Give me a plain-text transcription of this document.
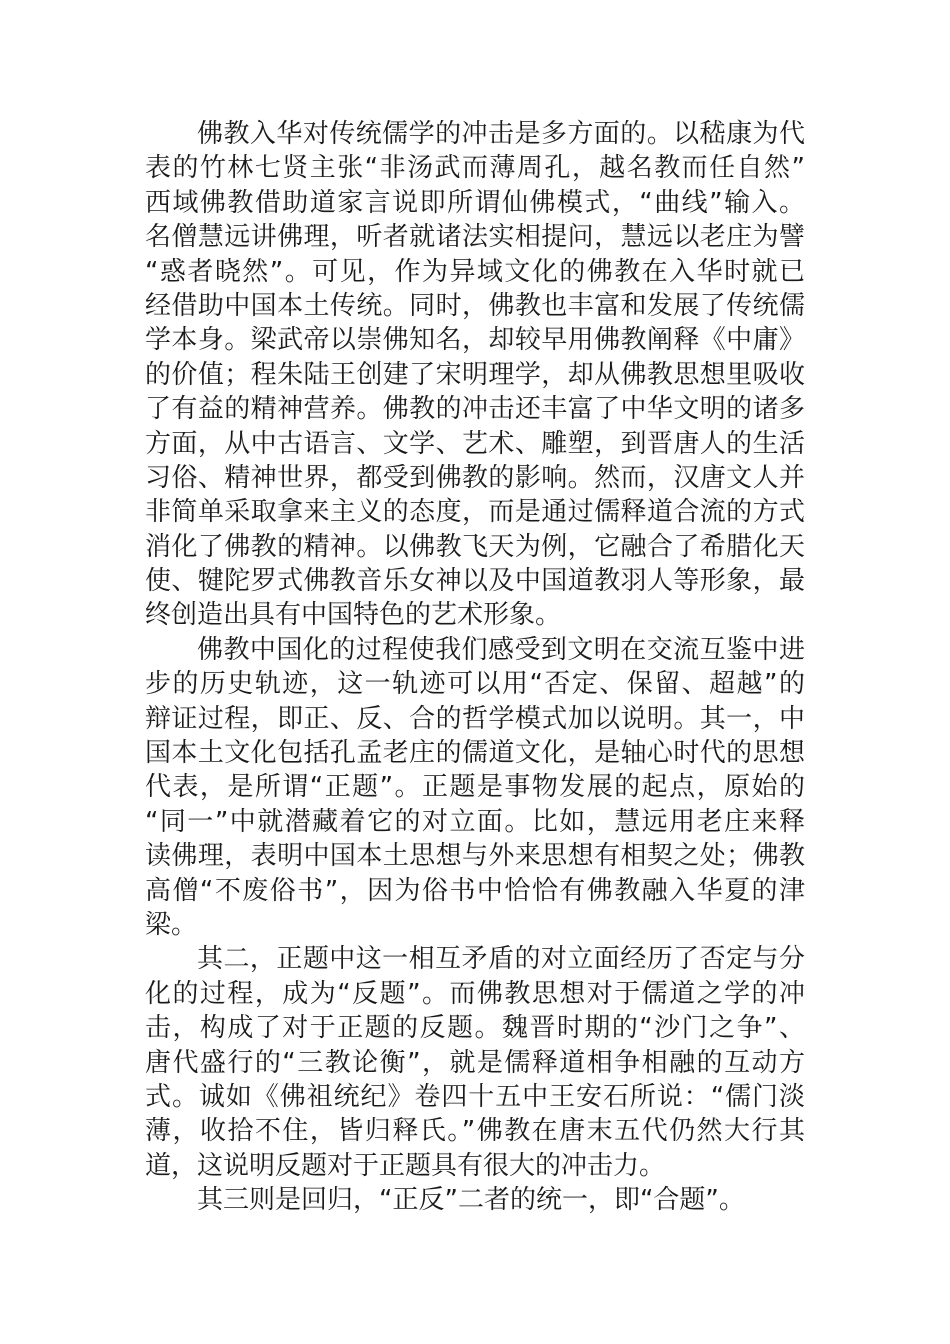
佛教入华对传统儒学的冲击是多方面的。以嵇康为代
表的竹林七贤主张“非汤武而薄周孔，越名教而任自然”
西域佛教借助道家言说即所谓仙佛模式，“曲线”输入。
名僧慧远讲佛理，听者就诸法实相提问，慧远以老庄为譬
“惑者晓然”。可见，作为异域文化的佛教在入华时就已
经借助中国本土传统。同时，佛教也丰富和发展了传统儒
学本身。梁武帝以崇佛知名，却较早用佛教阐释《中庸》
的价值；程朱陆王创建了宋明理学，却从佛教思想里吸收
了有益的精神营养。佛教的冲击还丰富了中华文明的诸多
方面，从中古语言、文学、艺术、雕塑，到晋唐人的生活
习俗、精神世界，都受到佛教的影响。然而，汉唐文人并
非简单采取拿来主义的态度，而是通过儒释道合流的方式
消化了佛教的精神。以佛教飞天为例，它融合了希腊化天
使、犍陀罗式佛教音乐女神以及中国道教羽人等形象，最
终创造出具有中国特色的艺术形象。
佛教中国化的过程使我们感受到文明在交流互鉴中进
步的历史轨迹，这一轨迹可以用“否定、保留、超越”的
辩证过程，即正、反、合的哲学模式加以说明。其一，中
国本土文化包括孔孟老庄的儒道文化，是轴心时代的思想
代表，是所谓“正题”。正题是事物发展的起点，原始的
“同一”中就潜藏着它的对立面。比如，慧远用老庄来释
读佛理，表明中国本土思想与外来思想有相契之处；佛教
高僧“不废俗书”，因为俗书中恰恰有佛教融入华夏的津
梁。
其二，正题中这一相互矛盾的对立面经历了否定与分
化的过程，成为“反题”。而佛教思想对于儒道之学的冲
击，构成了对于正题的反题。魏晋时期的“沙门之争”、
唐代盛行的“三教论衡”，就是儒释道相争相融的互动方
式。诚如《佛祖统纪》卷四十五中王安石所说：“儒门淡
薄，收拾不住，皆归释氏。”佛教在唐末五代仍然大行其
道，这说明反题对于正题具有很大的冲击力。
其三则是回归，“正反”二者的统一，即“合题”。
